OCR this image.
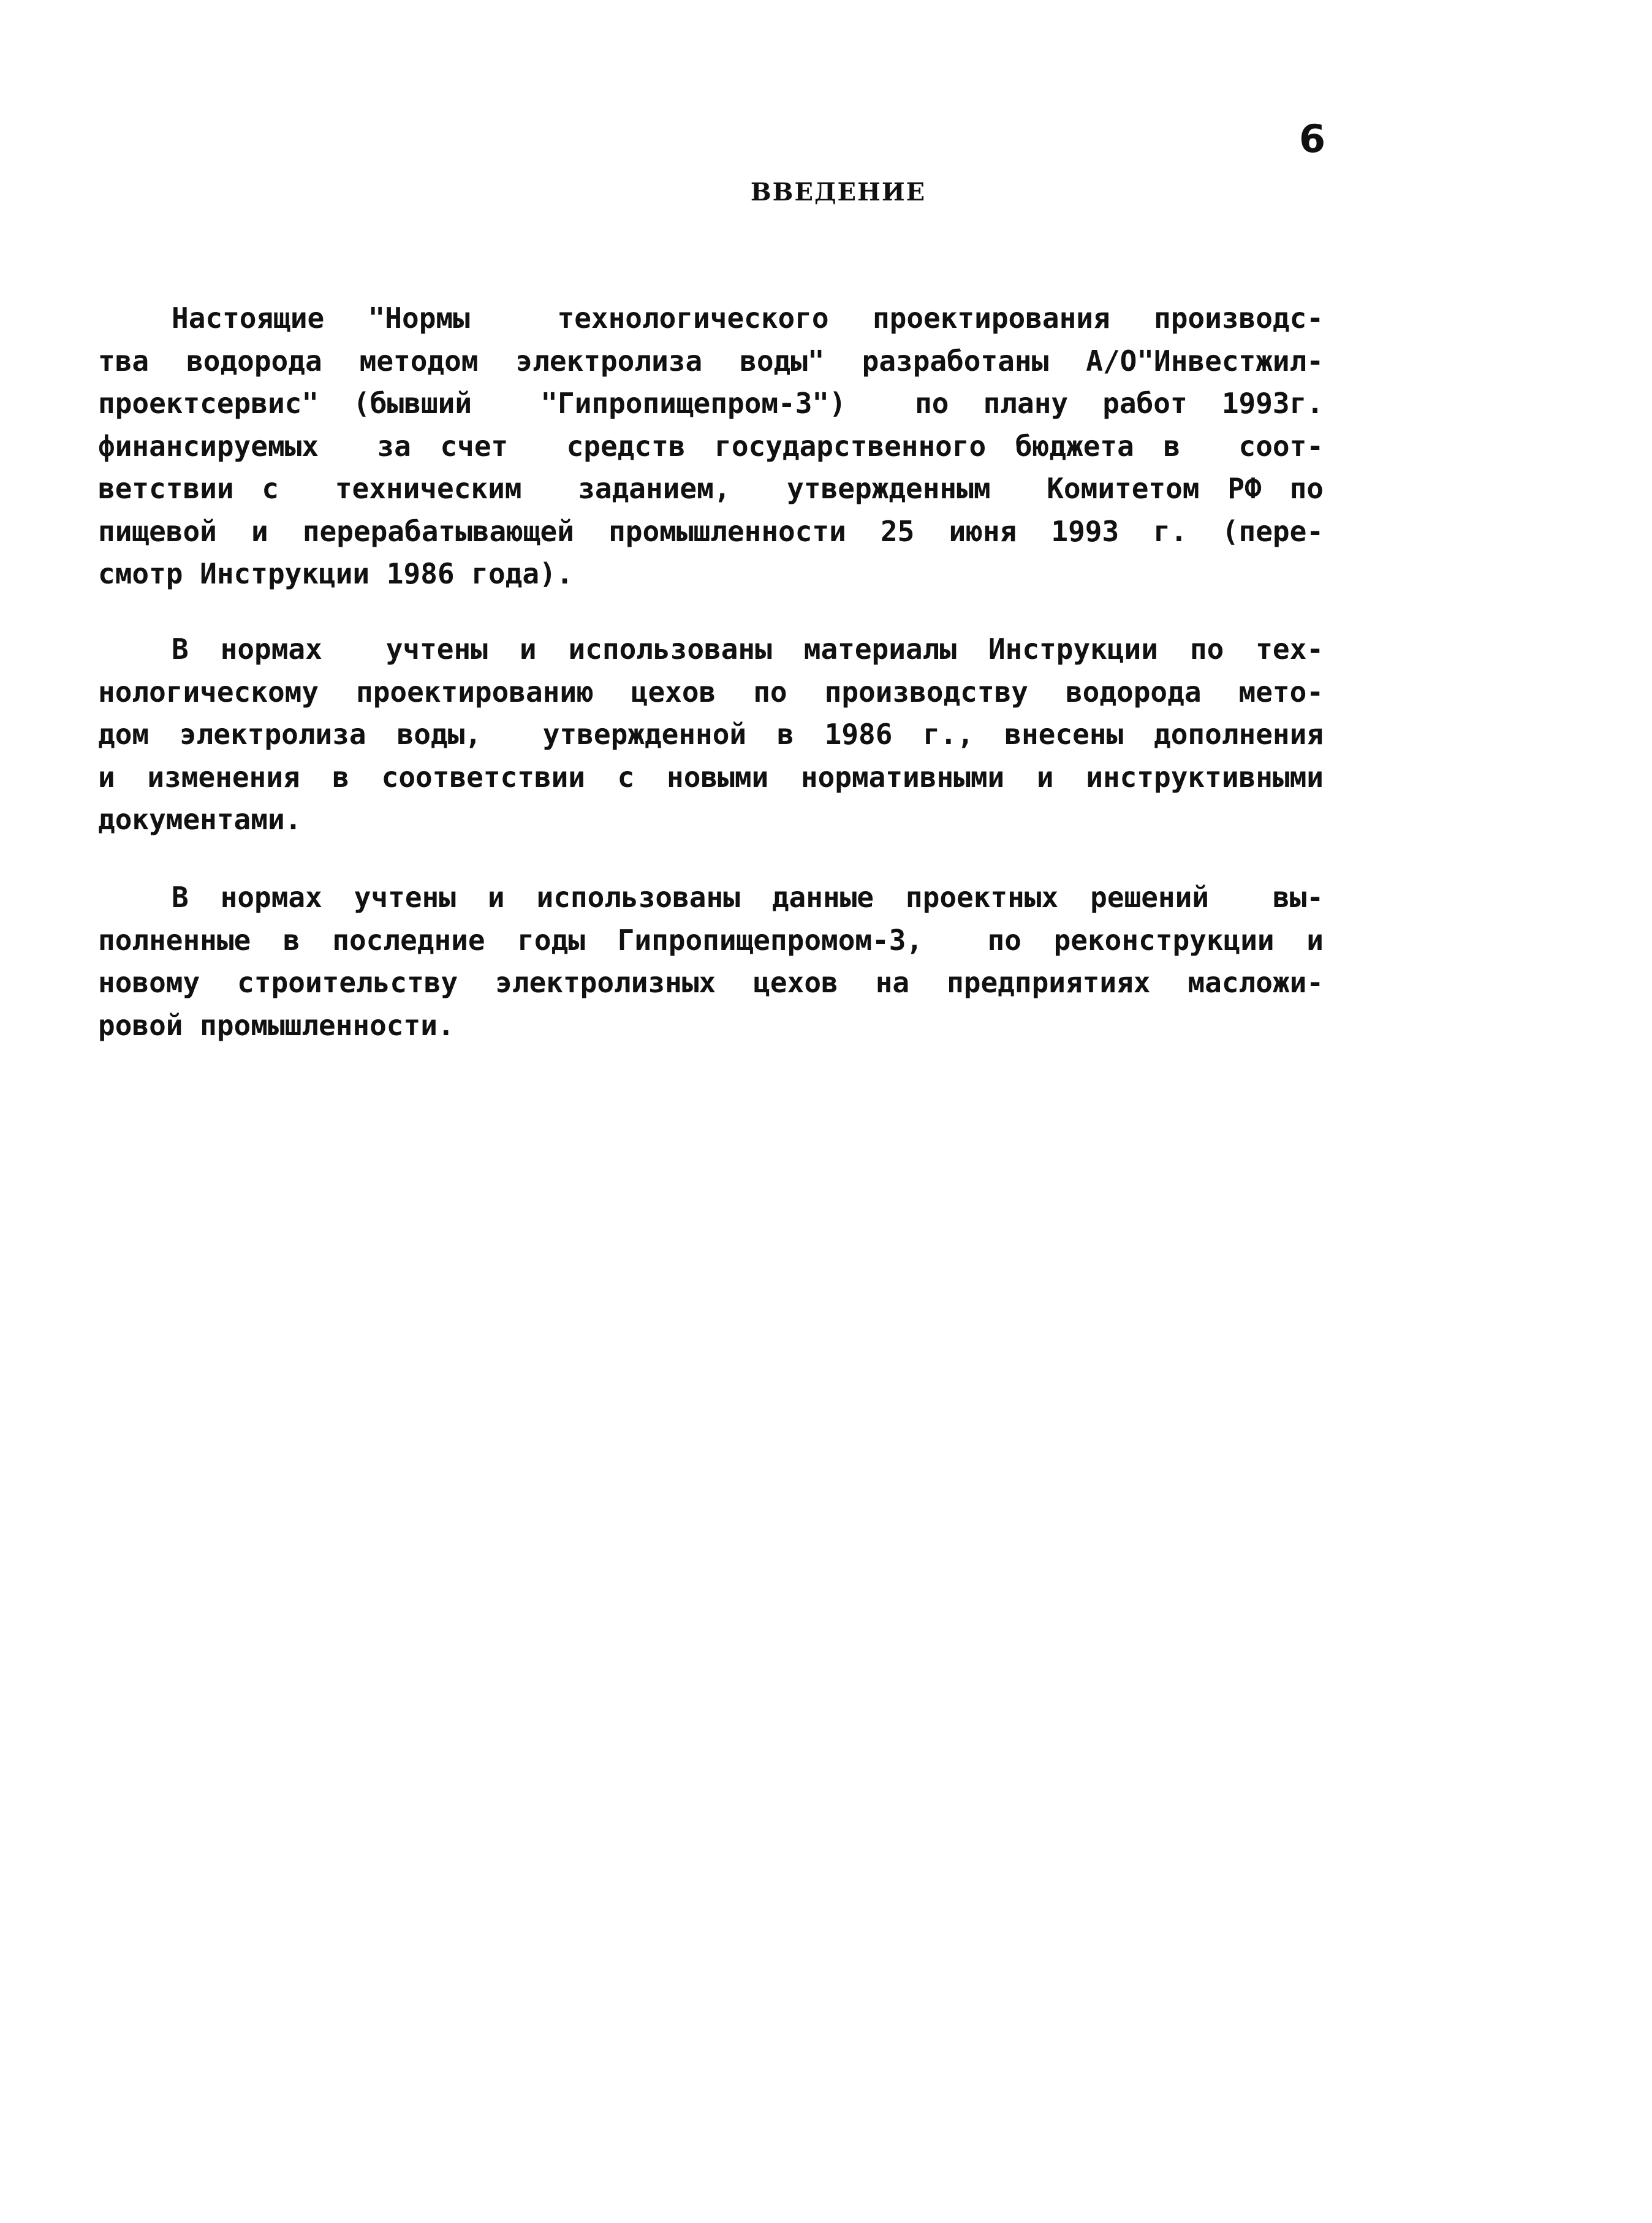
6
ВВЕДЕНИЕ
Настоящие "Нормы  технологического проектирования производс-
тва водорода методом электролиза воды" разработаны А/О"Инвестжил-
проектсервис" (бывший  "Гипропищепром-3")  по плану работ 1993г.
финансируемых  за счет  средств государственного бюджета в  соот-
ветствии с  техническим  заданием,  утвержденным  Комитетом РФ по
пищевой и перерабатывающей промышленности 25 июня 1993 г. (пере-
смотр Инструкции 1986 года).
В нормах  учтены и использованы материалы Инструкции по тех-
нологическому проектированию цехов по производству водорода мето-
дом электролиза воды,  утвержденной в 1986 г., внесены дополнения
и изменения в соответствии с новыми нормативными и инструктивными
документами.
В нормах учтены и использованы данные проектных решений  вы-
полненные в последние годы Гипропищепромом-3,  по реконструкции и
новому строительству электролизных цехов на предприятиях масложи-
ровой промышленности.
